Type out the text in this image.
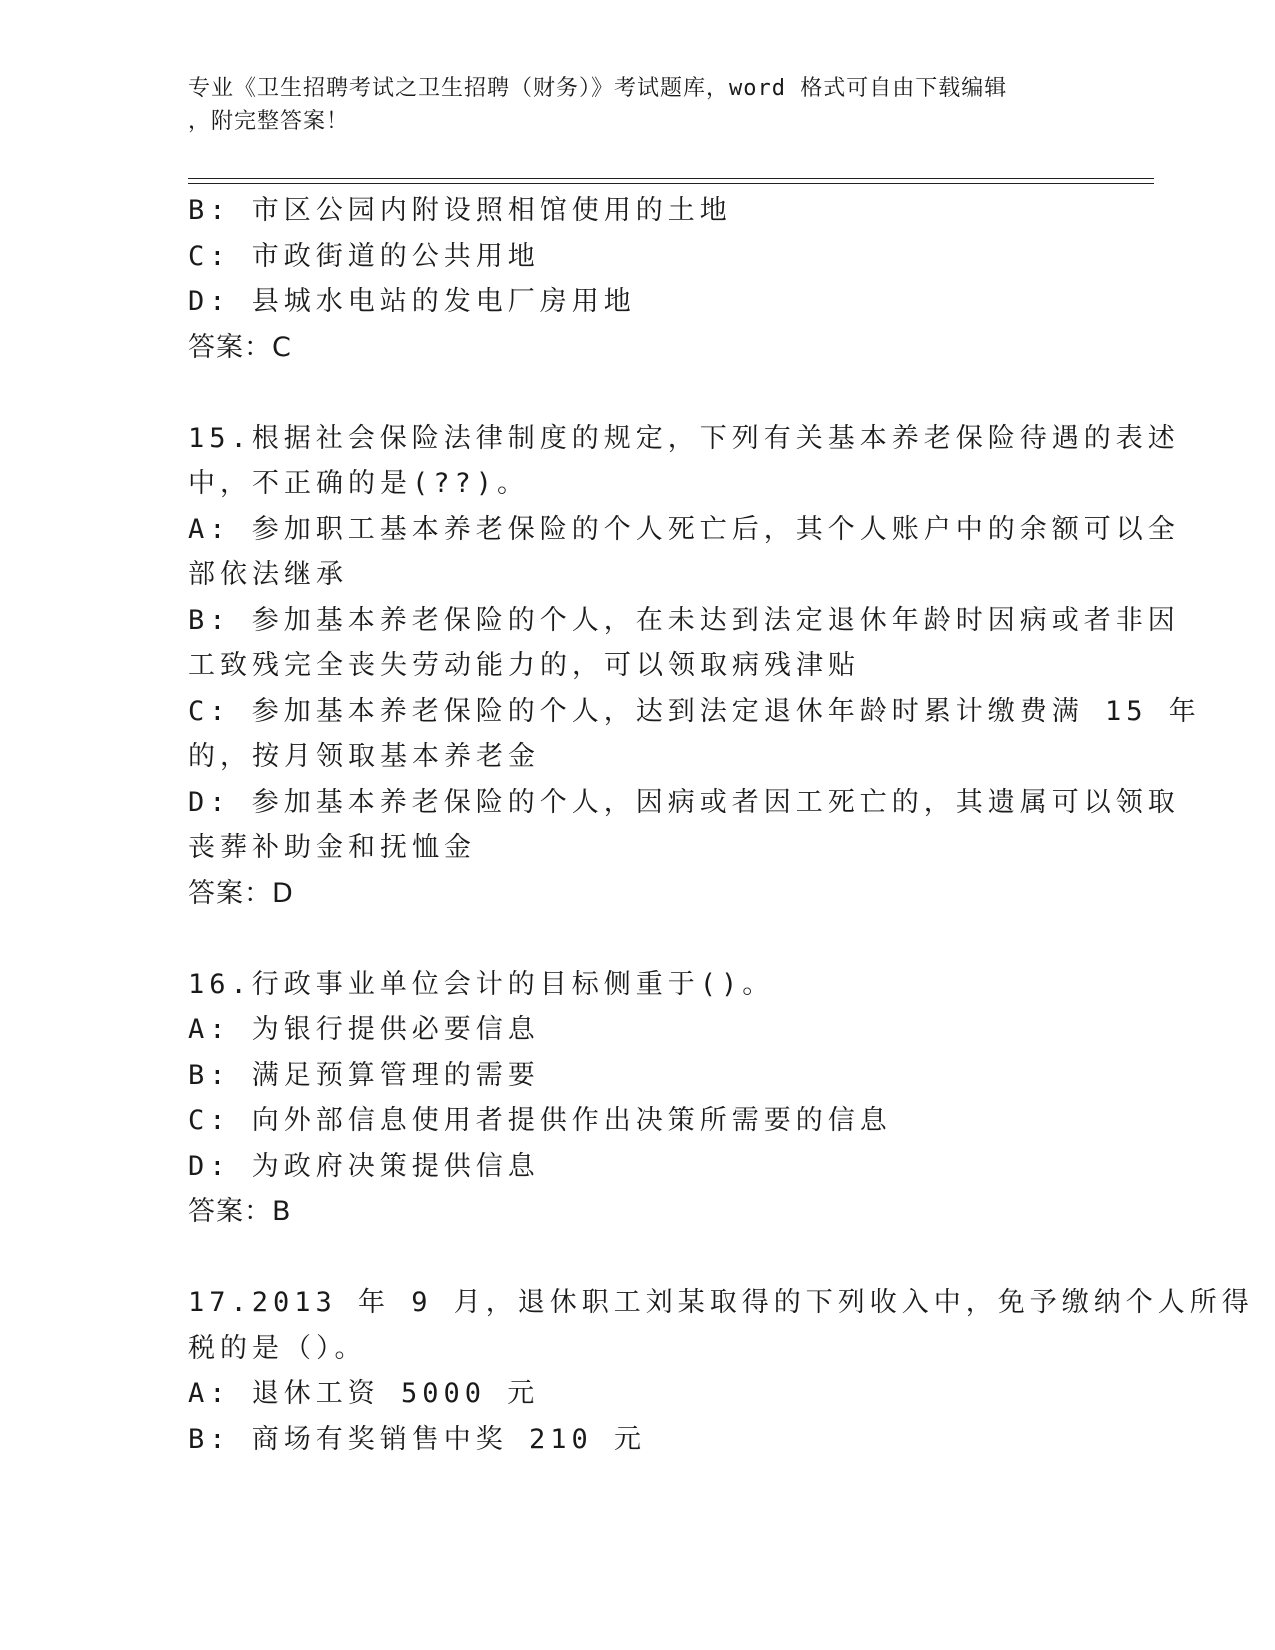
专业《卫生招聘考试之卫生招聘（财务）》考试题库，word 格式可自由下载编辑
，附完整答案！
B: 市区公园内附设照相馆使用的土地
C: 市政街道的公共用地
D: 县城水电站的发电厂房用地
答案：C
15.根据社会保险法律制度的规定，下列有关基本养老保险待遇的表述
中，不正确的是(??)。
A: 参加职工基本养老保险的个人死亡后，其个人账户中的余额可以全
部依法继承
B: 参加基本养老保险的个人，在未达到法定退休年龄时因病或者非因
工致残完全丧失劳动能力的，可以领取病残津贴
C: 参加基本养老保险的个人，达到法定退休年龄时累计缴费满 15 年
的，按月领取基本养老金
D: 参加基本养老保险的个人，因病或者因工死亡的，其遗属可以领取
丧葬补助金和抚恤金
答案：D
16.行政事业单位会计的目标侧重于()。
A: 为银行提供必要信息
B: 满足预算管理的需要
C: 向外部信息使用者提供作出决策所需要的信息
D: 为政府决策提供信息
答案：B
17.2013 年 9 月，退休职工刘某取得的下列收入中，免予缴纳个人所得
税的是（）。
A: 退休工资 5000 元
B: 商场有奖销售中奖 210 元
